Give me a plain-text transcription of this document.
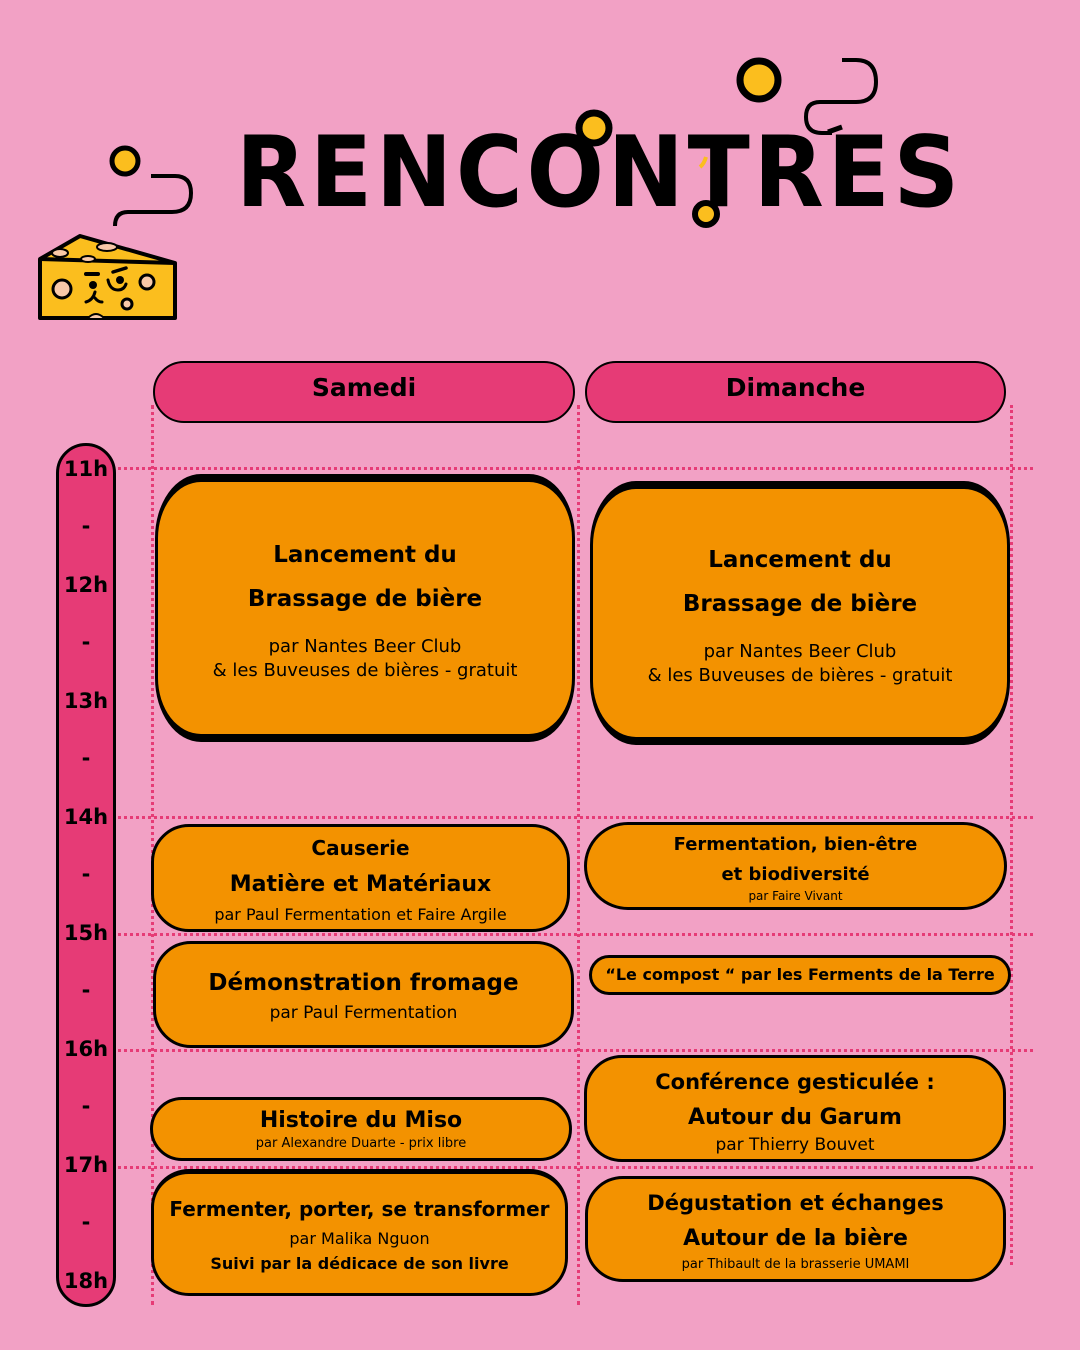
RENCONTRES
Samedi	Dimanche
11h
-
12h
-
13h
-
14h
-
15h
-
16h
-
17h
-
18h
Lancement du
Brassage de bière
par Nantes Beer Club
& les Buveuses de bières - gratuit
Causerie
Matière et Matériaux
par Paul Fermentation et Faire Argile
Démonstration fromage
par Paul Fermentation
Histoire du Miso
par Alexandre Duarte - prix libre
Fermenter, porter, se transformer
par Malika Nguon
Suivi par la dédicace de son livre
Lancement du
Brassage de bière
par Nantes Beer Club
& les Buveuses de bières - gratuit
Fermentation, bien-être
et biodiversité
par Faire Vivant
“Le compost “ par les Ferments de la Terre
Conférence gesticulée :
Autour du Garum
par Thierry Bouvet
Dégustation et échanges
Autour de la bière
par Thibault de la brasserie UMAMI
